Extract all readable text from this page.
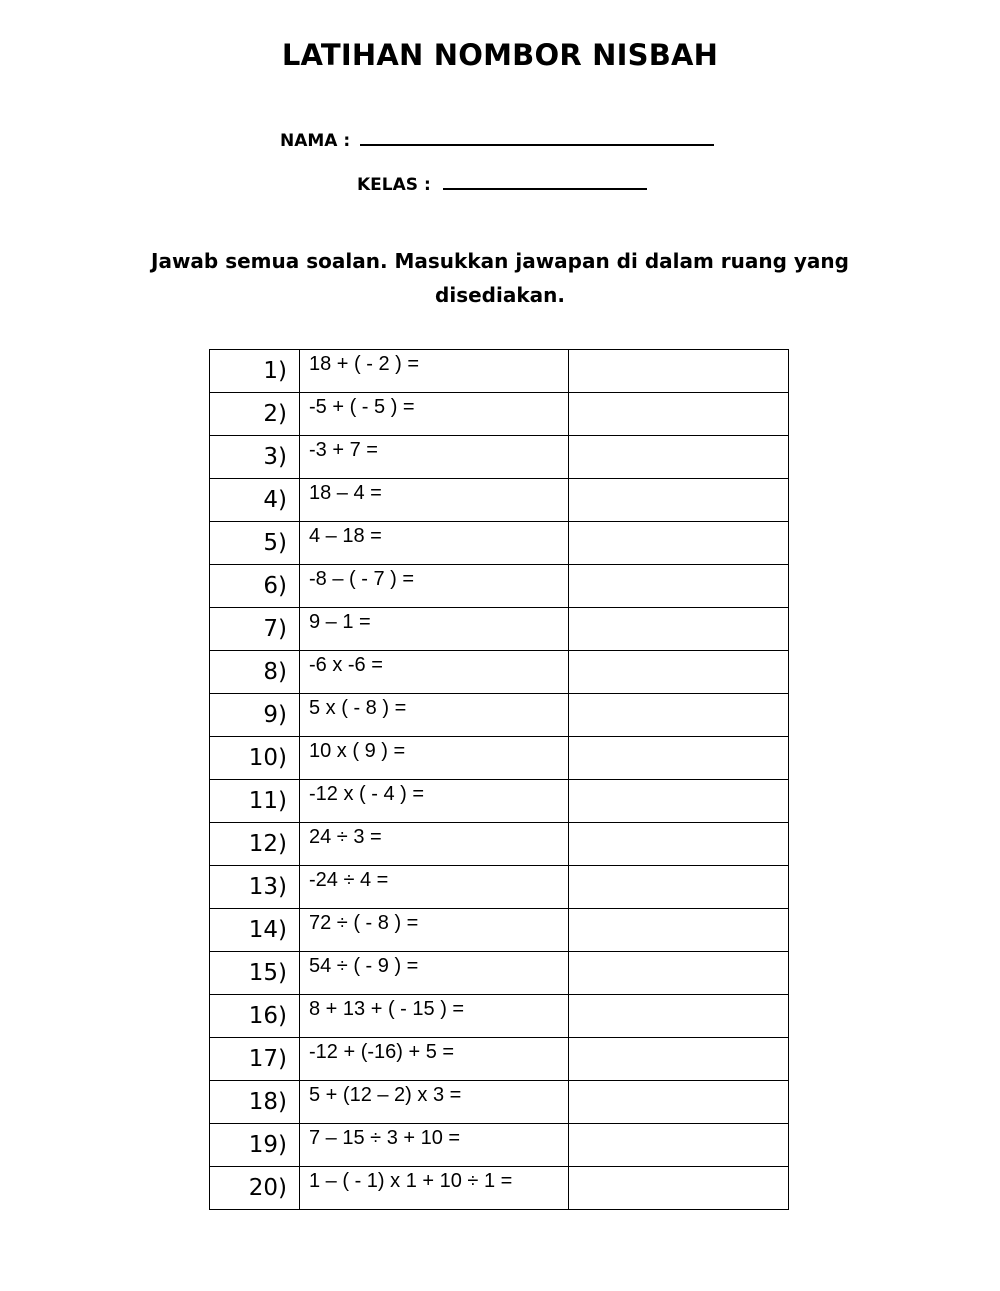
LATIHAN NOMBOR NISBAH
NAMA :
KELAS :
Jawab semua soalan. Masukkan jawapan di dalam ruang yang
disediakan.
1)	18 + ( - 2 ) =	
2)	-5 + ( - 5 ) =	
3)	-3 + 7 =	
4)	18 – 4 =	
5)	4 – 18 =	
6)	-8 – ( - 7 ) =	
7)	9 – 1 =	
8)	-6 x -6 =	
9)	5 x ( - 8 ) =	
10)	10 x ( 9 ) =	
11)	-12 x ( - 4 ) =	
12)	24 ÷ 3 =	
13)	-24 ÷ 4 =	
14)	72 ÷ ( - 8 ) =	
15)	54 ÷ ( - 9 ) =	
16)	8 + 13 + ( - 15 ) =	
17)	-12 + (-16) + 5 =	
18)	5 + (12 – 2) x 3 =	
19)	7 – 15 ÷ 3 + 10 =	
20)	1 – ( - 1) x 1 + 10 ÷ 1 =	
